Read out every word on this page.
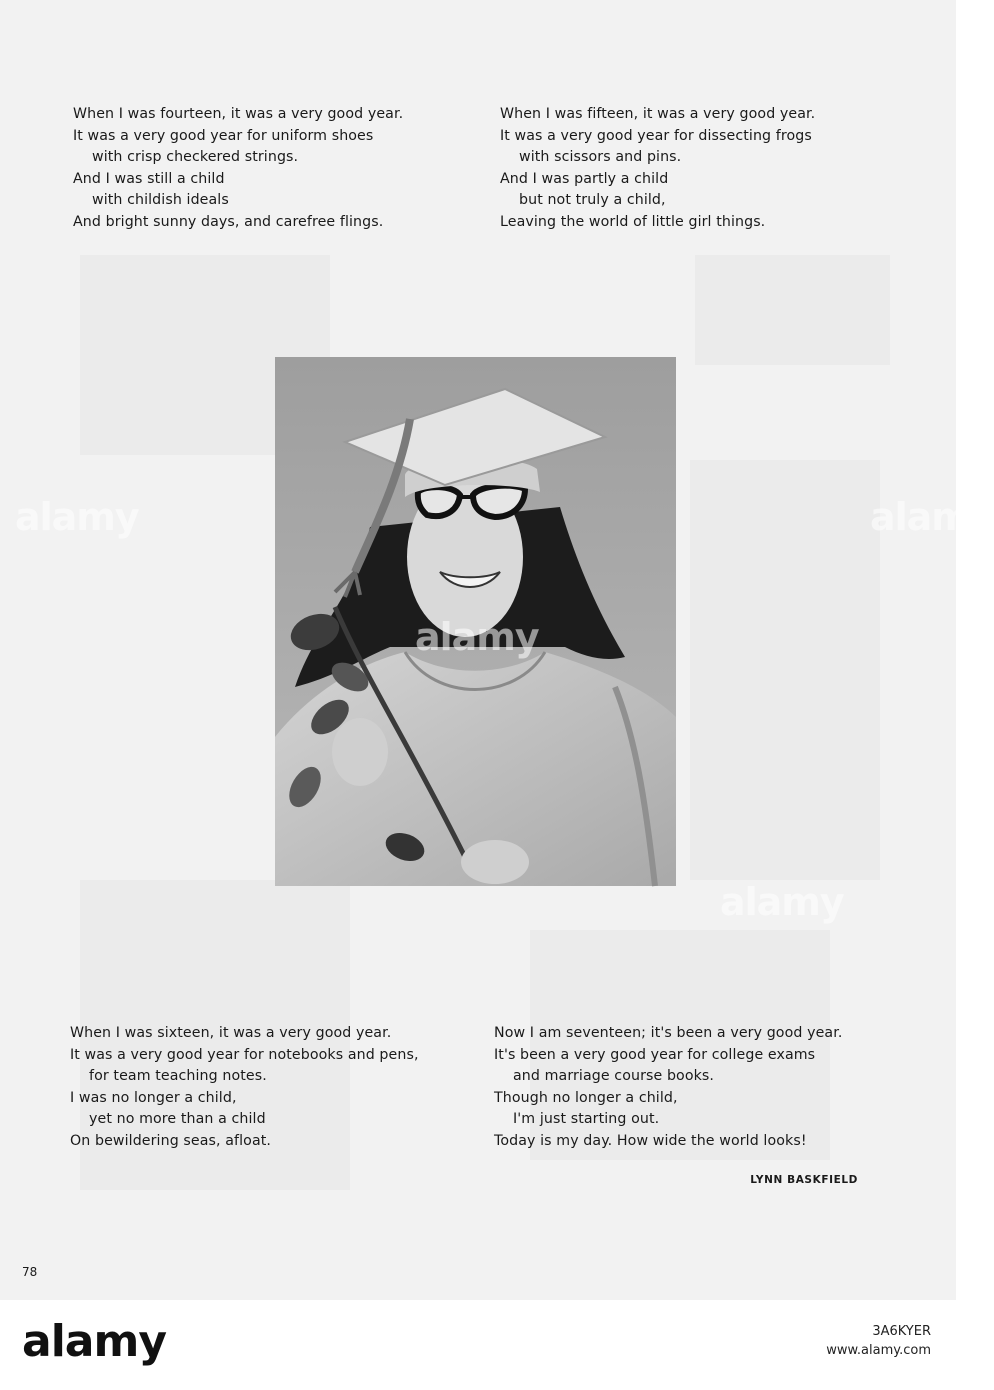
When I was fourteen, it was a very good year.
It was a very good year for uniform shoes
with crisp checkered strings.
And I was still a child
with childish ideals
And bright sunny days, and carefree flings.
When I was fifteen, it was a very good year.
It was a very good year for dissecting frogs
with scissors and pins.
And I was partly a child
but not truly a child,
Leaving the world of little girl things.
When I was sixteen, it was a very good year.
It was a very good year for notebooks and pens,
for team teaching notes.
I was no longer a child,
yet no more than a child
On bewildering seas, afloat.
Now I am seventeen; it's been a very good year.
It's been a very good year for college exams
and marriage course books.
Though no longer a child,
I'm just starting out.
Today is my day. How wide the world looks!
LYNN BASKFIELD
78
alamy
alamy
alamy
alamy
alamy	3A6KYER
www.alamy.com
